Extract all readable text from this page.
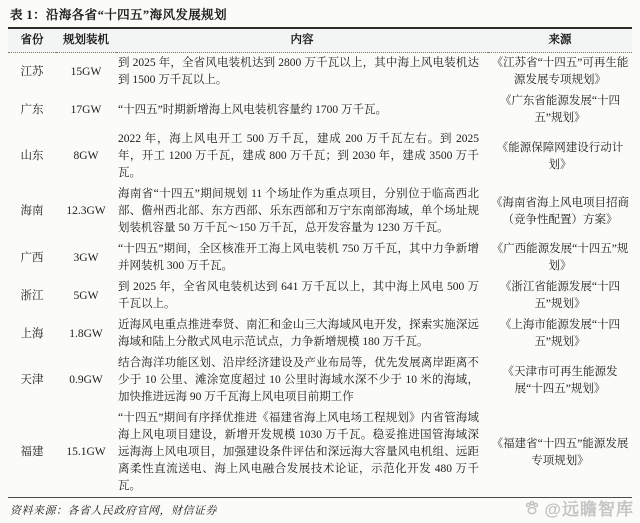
表 1：沿海各省“十四五”海风发展规划
省份	规划装机	内容	来源
江苏	15GW	到 2025 年，全省风电装机达到 2800 万千瓦以上，其中海上风电装机达到 1500 万千瓦以上。	《江苏省“十四五”可再生能源发展专项规划》
广东	17GW	“十四五”时期新增海上风电装机容量约 1700 万千瓦。	《广东省能源发展“十四五”规划》
山东	8GW	2022 年，海上风电开工 500 万千瓦，建成 200 万千瓦左右。到 2025 年，开工 1200 万千瓦，建成 800 万千瓦；到 2030 年，建成 3500 万千瓦。	《能源保障网建设行动计划》
海南	12.3GW	海南省“十四五”期间规划 11 个场址作为重点项目，分别位于临高西北部、儋州西北部、东方西部、乐东西部和万宁东南部海域，单个场址规划装机容量 50 万千瓦～150 万千瓦，总开发容量为 1230 万千瓦。	《海南省海上风电项目招商（竞争性配置）方案》
广西	3GW	“十四五”期间，全区核准开工海上风电装机 750 万千瓦，其中力争新增并网装机 300 万千瓦。	《广西能源发展“十四五”规划》
浙江	5GW	到 2025 年，全省风电装机达到 641 万千瓦以上，其中海上风电 500 万千瓦以上。	《浙江省能源发展“十四五”规划》
上海	1.8GW	近海风电重点推进奉贤、南汇和金山三大海域风电开发，探索实施深远海域和陆上分散式风电示范试点，力争新增规模 180 万千瓦。	《上海市能源发展“十四五”规划》
天津	0.9GW	结合海洋功能区划、沿岸经济建设及产业布局等，优先发展离岸距离不少于 10 公里、滩涂宽度超过 10 公里时海域水深不少于 10 米的海域，加快推进远海 90 万千瓦海上风电项目前期工作	《天津市可再生能源发展“十四五”规划》
福建	15.1GW	“十四五”期间有序择优推进《福建省海上风电场工程规划》内省管海域海上风电项目建设，新增开发规模 1030 万千瓦。稳妥推进国管海域深远海海上风电项目，加强建设条件评估和深远海大容量风电机组、远距离柔性直流送电、海上风电融合发展技术论证，示范化开发 480 万千瓦。	《福建省“十四五”能源发展专项规划》
资料来源：各省人民政府官网，财信证券	@远瞻智库
